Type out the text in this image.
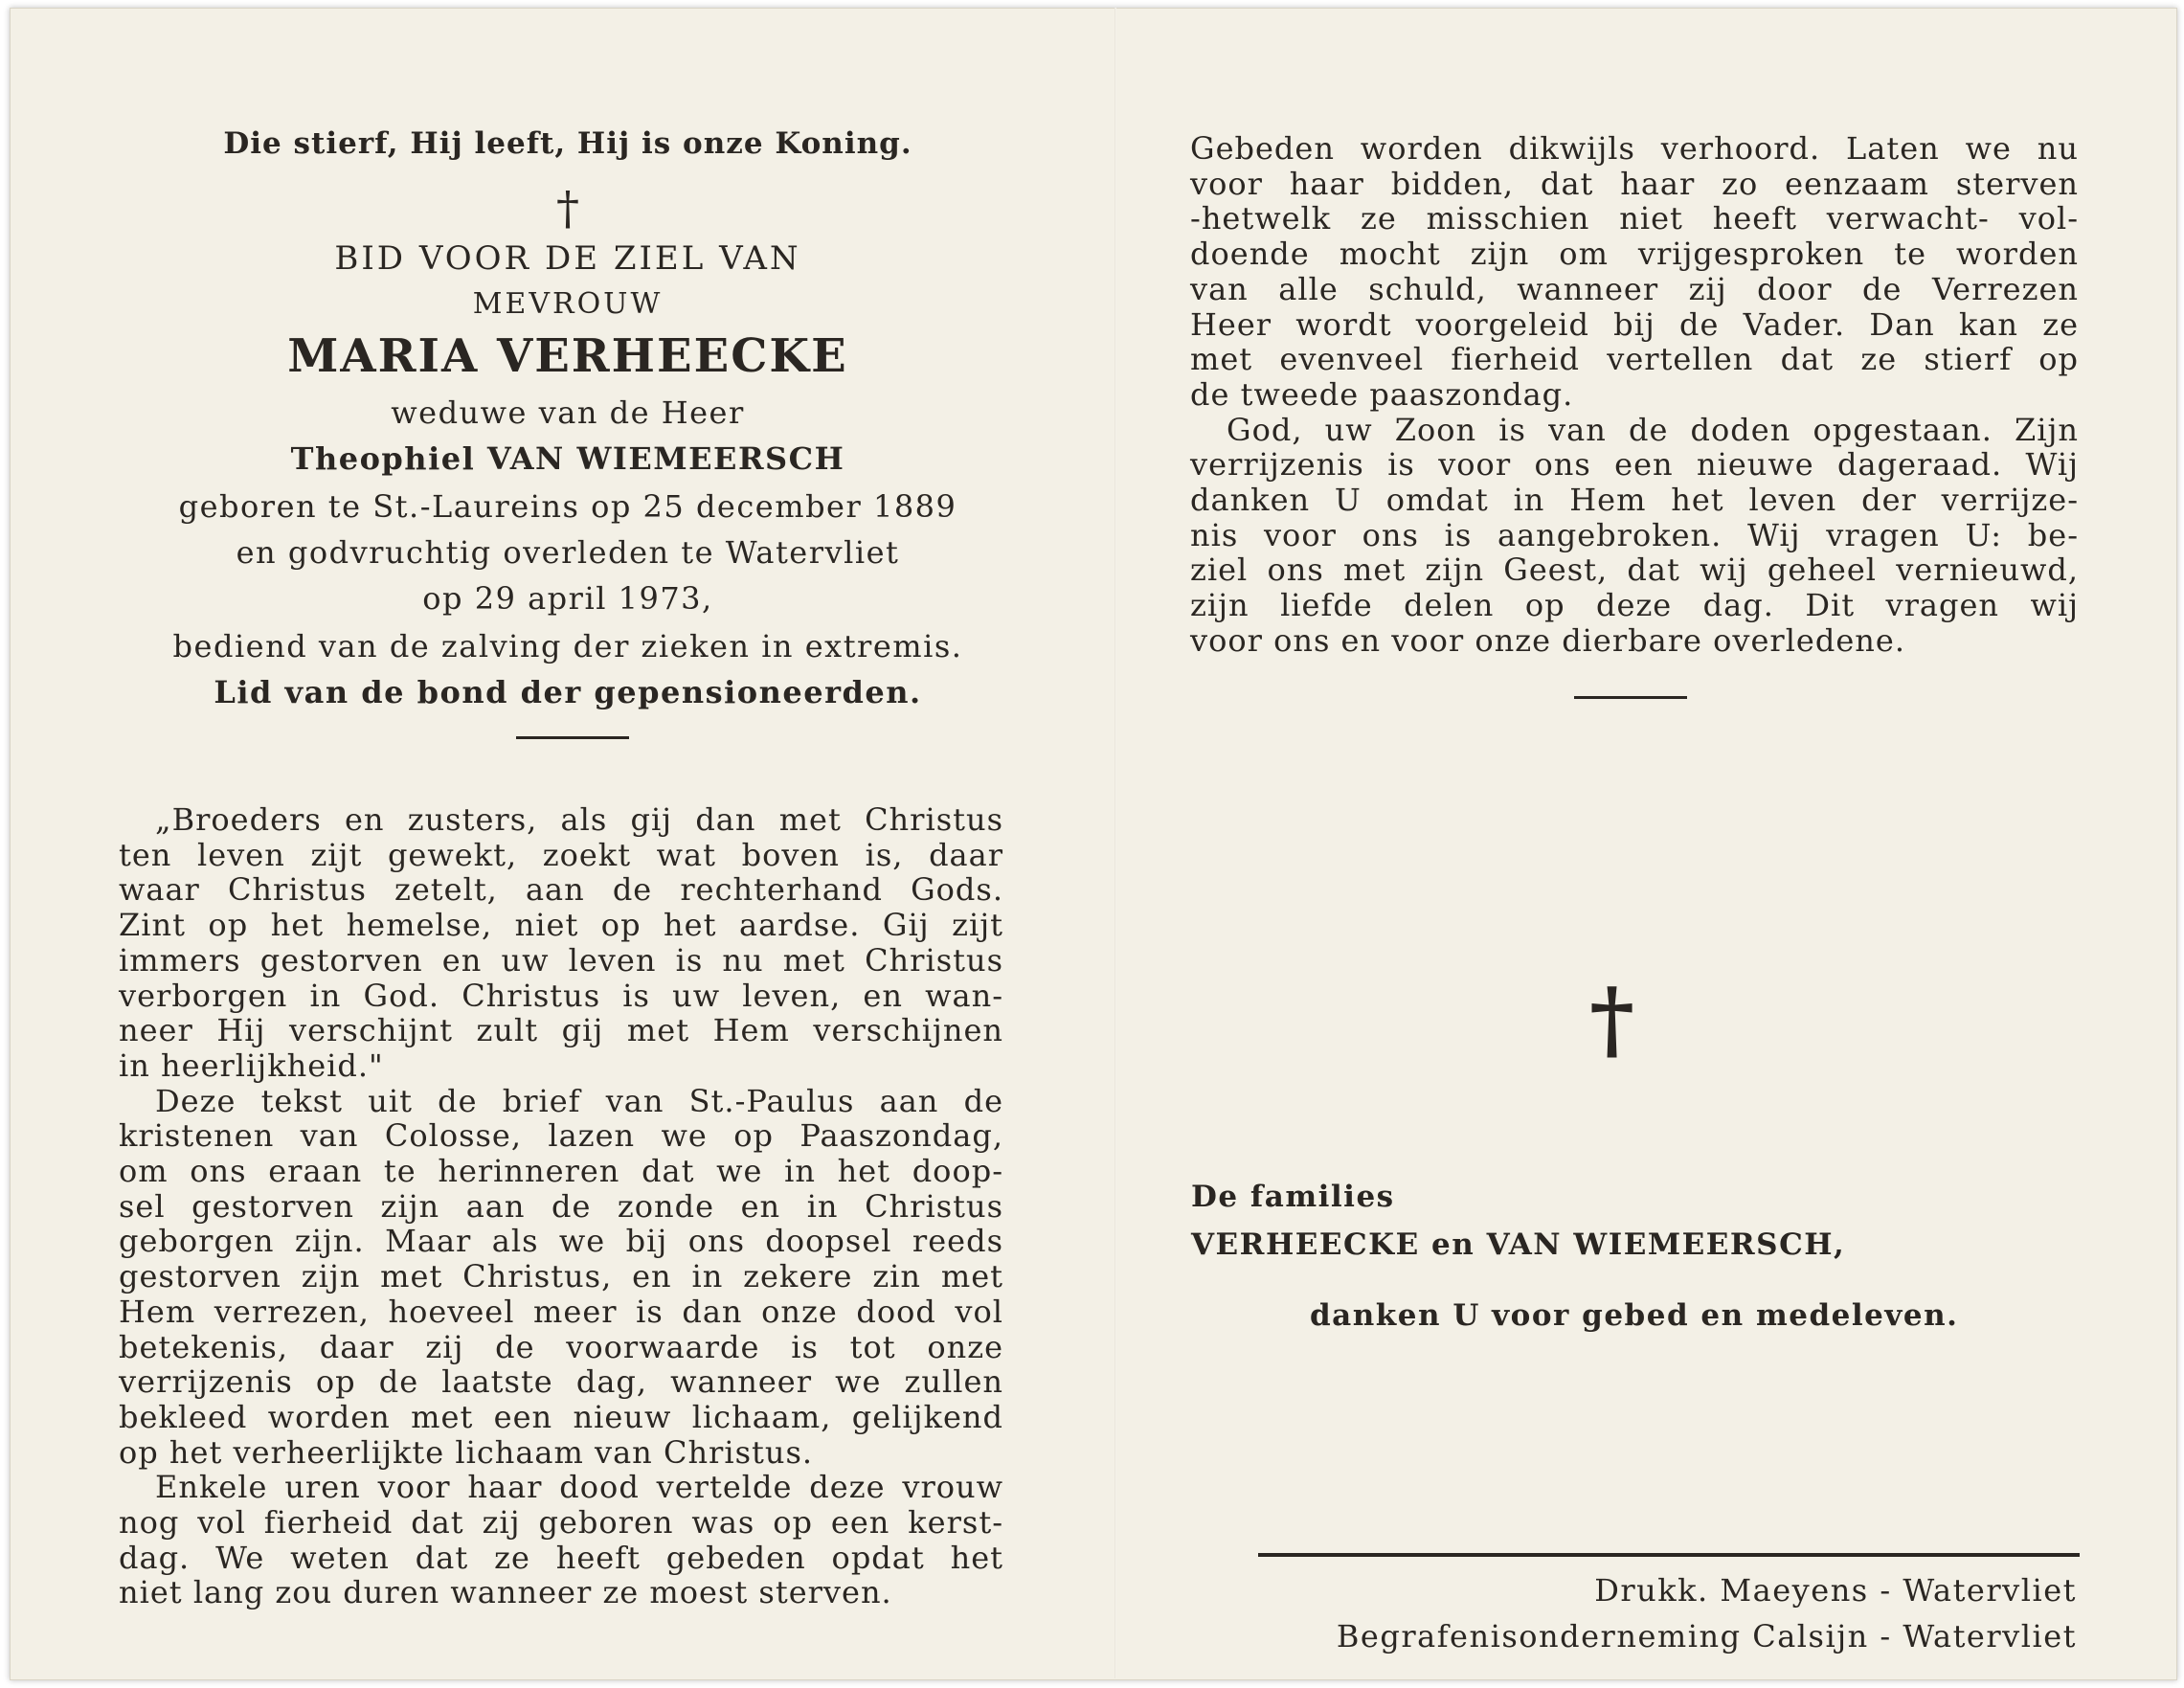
Die stierf, Hij leeft, Hij is onze Koning.
†
BID VOOR DE ZIEL VAN
MEVROUW
MARIA VERHEECKE
weduwe van de Heer
Theophiel VAN WIEMEERSCH
geboren te St.-Laureins op 25 december 1889
en godvruchtig overleden te Watervliet
op 29 april 1973,
bediend van de zalving der zieken in extremis.
Lid van de bond der gepensioneerden.

„Broeders en zusters, als gij dan met Christus
ten leven zijt gewekt, zoekt wat boven is, daar
waar Christus zetelt, aan de rechterhand Gods.
Zint op het hemelse, niet op het aardse. Gij zijt
immers gestorven en uw leven is nu met Christus
verborgen in God. Christus is uw leven, en wan-
neer Hij verschijnt zult gij met Hem verschijnen
in heerlijkheid."

Deze tekst uit de brief van St.-Paulus aan de
kristenen van Colosse, lazen we op Paaszondag,
om ons eraan te herinneren dat we in het doop-
sel gestorven zijn aan de zonde en in Christus
geborgen zijn. Maar als we bij ons doopsel reeds
gestorven zijn met Christus, en in zekere zin met
Hem verrezen, hoeveel meer is dan onze dood vol
betekenis, daar zij de voorwaarde is tot onze
verrijzenis op de laatste dag, wanneer we zullen
bekleed worden met een nieuw lichaam, gelijkend
op het verheerlijkte lichaam van Christus.

Enkele uren voor haar dood vertelde deze vrouw
nog vol fierheid dat zij geboren was op een kerst-
dag. We weten dat ze heeft gebeden opdat het
niet lang zou duren wanneer ze moest sterven.

Gebeden worden dikwijls verhoord. Laten we nu
voor haar bidden, dat haar zo eenzaam sterven
-hetwelk ze misschien niet heeft verwacht- vol-
doende mocht zijn om vrijgesproken te worden
van alle schuld, wanneer zij door de Verrezen
Heer wordt voorgeleid bij de Vader. Dan kan ze
met evenveel fierheid vertellen dat ze stierf op
de tweede paaszondag.

God, uw Zoon is van de doden opgestaan. Zijn
verrijzenis is voor ons een nieuwe dageraad. Wij
danken U omdat in Hem het leven der verrijze-
nis voor ons is aangebroken. Wij vragen U: be-
ziel ons met zijn Geest, dat wij geheel vernieuwd,
zijn liefde delen op deze dag. Dit vragen wij
voor ons en voor onze dierbare overledene.

†
De families
VERHEECKE en VAN WIEMEERSCH,
danken U voor gebed en medeleven.
Drukk. Maeyens - Watervliet
Begrafenisonderneming Calsijn - Watervliet
